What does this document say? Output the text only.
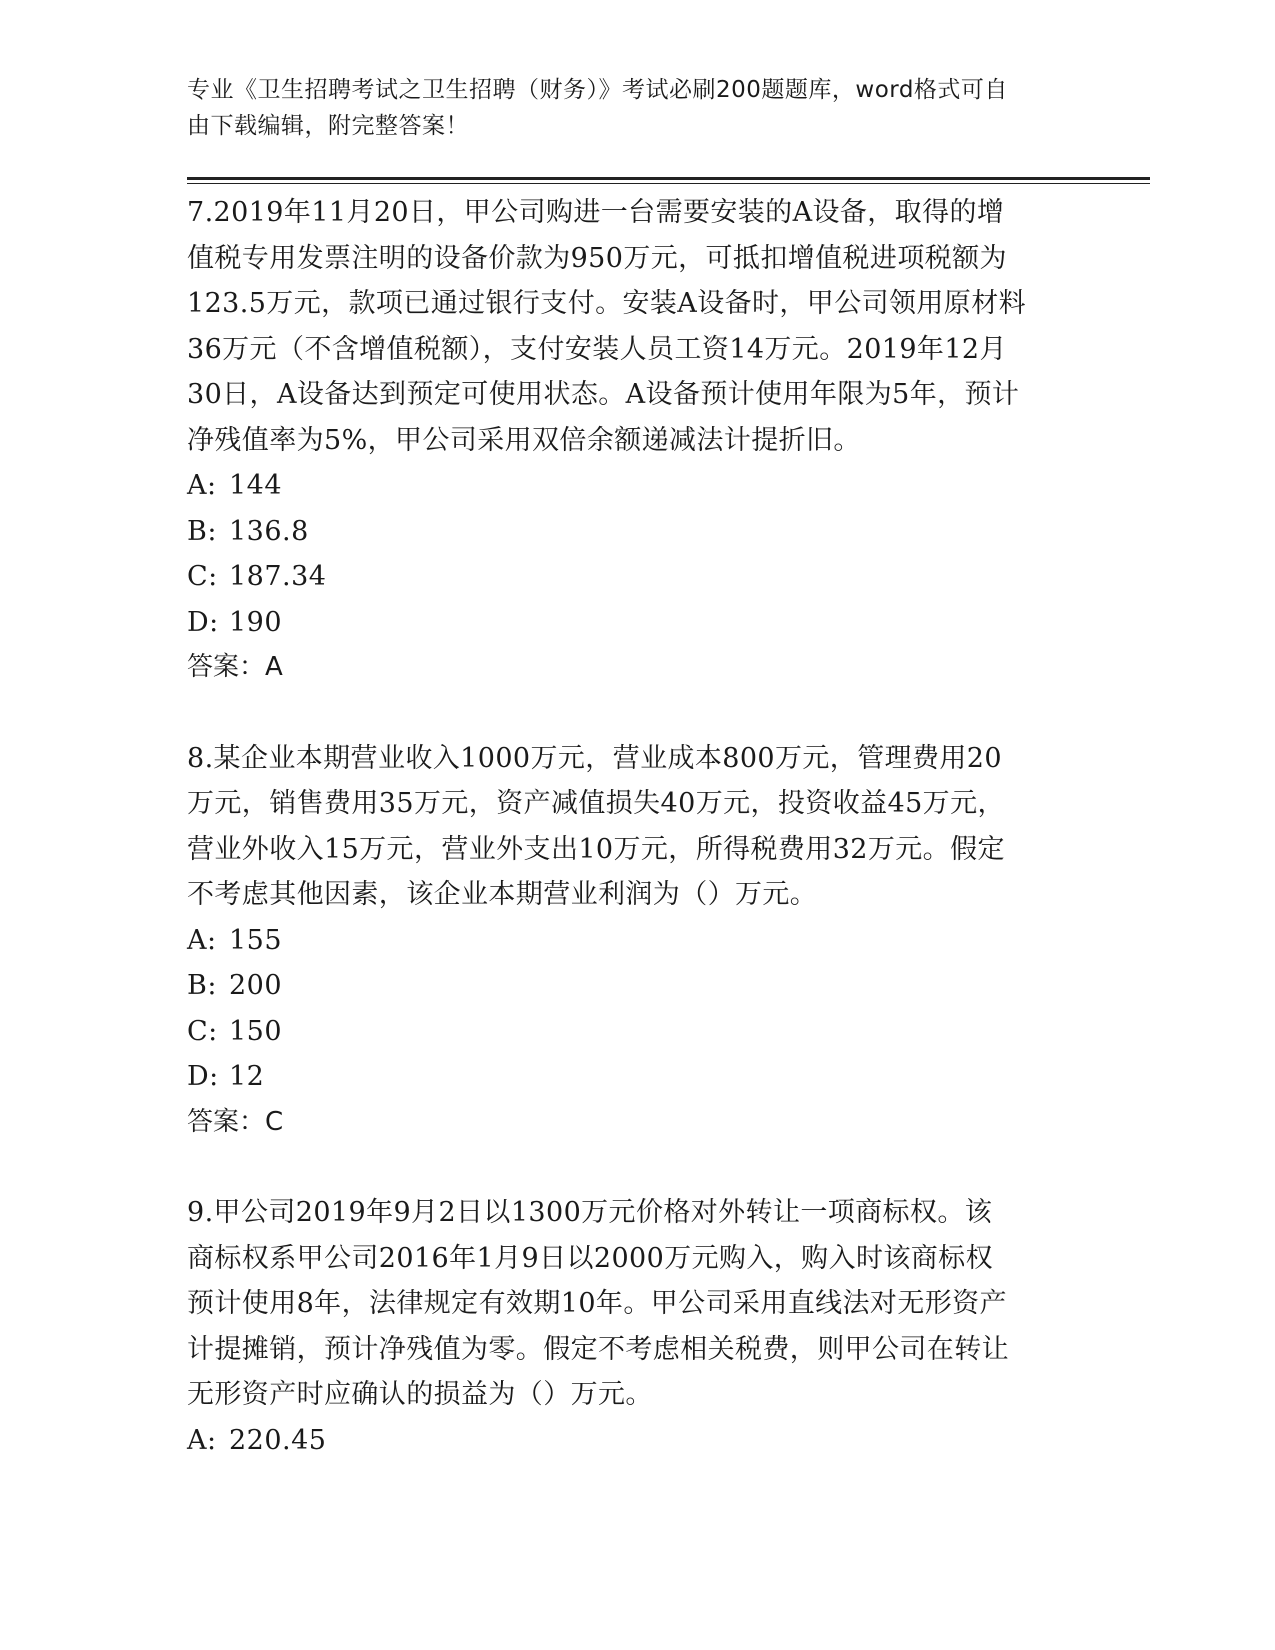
专业《卫生招聘考试之卫生招聘（财务）》考试必刷200题题库，word格式可自
由下载编辑，附完整答案！

7.2019年11月20日，甲公司购进一台需要安装的A设备，取得的增

值税专用发票注明的设备价款为950万元，可抵扣增值税进项税额为

123.5万元，款项已通过银行支付。安装A设备时，甲公司领用原材料

36万元（不含增值税额），支付安装人员工资14万元。2019年12月

30日，A设备达到预定可使用状态。A设备预计使用年限为5年，预计

净残值率为5%，甲公司采用双倍余额递减法计提折旧。

A: 144

B: 136.8

C: 187.34

D: 190

答案：A

8.某企业本期营业收入1000万元，营业成本800万元，管理费用20

万元，销售费用35万元，资产减值损失40万元，投资收益45万元，

营业外收入15万元，营业外支出10万元，所得税费用32万元。假定

不考虑其他因素，该企业本期营业利润为（）万元。

A: 155

B: 200

C: 150

D: 12

答案：C

9.甲公司2019年9月2日以1300万元价格对外转让一项商标权。该

商标权系甲公司2016年1月9日以2000万元购入，购入时该商标权

预计使用8年，法律规定有效期10年。甲公司采用直线法对无形资产

计提摊销，预计净残值为零。假定不考虑相关税费，则甲公司在转让

无形资产时应确认的损益为（）万元。

A: 220.45
